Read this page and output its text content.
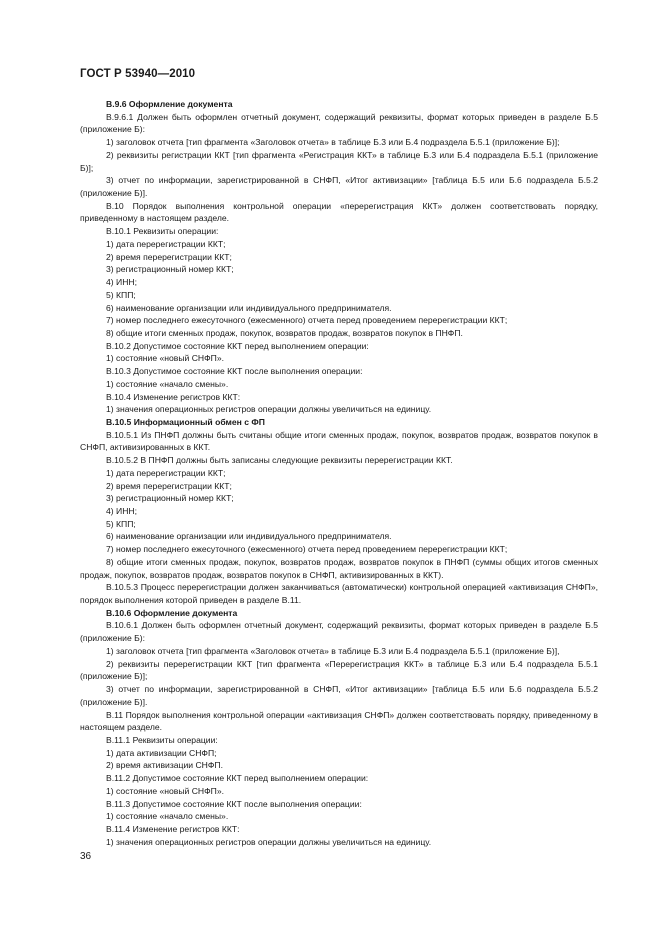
ГОСТ Р 53940—2010

В.9.6 Оформление документа

В.9.6.1 Должен быть оформлен отчетный документ, содержащий реквизиты, формат которых приведен в разделе Б.5 (приложение Б):

1) заголовок отчета [тип фрагмента «Заголовок отчета» в таблице Б.3 или Б.4 подраздела Б.5.1 (приложение Б)];

2) реквизиты регистрации ККТ [тип фрагмента «Регистрация ККТ» в таблице Б.3 или Б.4 подраздела Б.5.1 (приложение Б)];

3) отчет по информации, зарегистрированной в СНФП, «Итог активизации» [таблица Б.5 или Б.6 подраздела Б.5.2 (приложение Б)].

В.10 Порядок выполнения контрольной операции «перерегистрация ККТ» должен соответствовать порядку, приведенному в настоящем разделе.

В.10.1 Реквизиты операции:

1) дата перерегистрации ККТ;

2) время перерегистрации ККТ;

3) регистрационный номер ККТ;

4) ИНН;

5) КПП;

6) наименование организации или индивидуального предпринимателя.

7) номер последнего ежесуточного (ежесменного) отчета перед проведением перерегистрации ККТ;

8) общие итоги сменных продаж, покупок, возвратов продаж, возвратов покупок в ПНФП.

В.10.2 Допустимое состояние ККТ перед выполнением операции:

1) состояние «новый СНФП».

В.10.3 Допустимое состояние ККТ после выполнения операции:

1) состояние «начало смены».

В.10.4 Изменение регистров ККТ:

1) значения операционных регистров операции должны увеличиться на единицу.

В.10.5 Информационный обмен с ФП

В.10.5.1 Из ПНФП должны быть считаны общие итоги сменных продаж, покупок, возвратов продаж, возвратов покупок в СНФП, активизированных в ККТ.

В.10.5.2 В ПНФП должны быть записаны следующие реквизиты перерегистрации ККТ.

1) дата перерегистрации ККТ;

2) время перерегистрации ККТ;

3) регистрационный номер ККТ;

4) ИНН;

5) КПП;

6) наименование организации или индивидуального предпринимателя.

7) номер последнего ежесуточного (ежесменного) отчета перед проведением перерегистрации ККТ;

8) общие итоги сменных продаж, покупок, возвратов продаж, возвратов покупок в ПНФП (суммы общих итогов сменных продаж, покупок, возвратов продаж, возвратов покупок в СНФП, активизированных в ККТ).

В.10.5.3 Процесс перерегистрации должен заканчиваться (автоматически) контрольной операцией «активизация СНФП», порядок выполнения которой приведен в разделе В.11.

В.10.6 Оформление документа

В.10.6.1 Должен быть оформлен отчетный документ, содержащий реквизиты, формат которых приведен в разделе Б.5 (приложение Б):

1) заголовок отчета [тип фрагмента «Заголовок отчета» в таблице Б.3 или Б.4 подраздела Б.5.1 (приложение Б)],

2) реквизиты перерегистрации ККТ [тип фрагмента «Перерегистрация ККТ» в таблице Б.3 или Б.4 подраздела Б.5.1 (приложение Б)];

3) отчет по информации, зарегистрированной в СНФП, «Итог активизации» [таблица Б.5 или Б.6 подраздела Б.5.2 (приложение Б)].

В.11 Порядок выполнения контрольной операции «активизация СНФП» должен соответствовать порядку, приведенному в настоящем разделе.

В.11.1 Реквизиты операции:

1) дата активизации СНФП;

2) время активизации СНФП.

В.11.2 Допустимое состояние ККТ перед выполнением операции:

1) состояние «новый СНФП».

В.11.3 Допустимое состояние ККТ после выполнения операции:

1) состояние «начало смены».

В.11.4 Изменение регистров ККТ:

1) значения операционных регистров операции должны увеличиться на единицу.

36
